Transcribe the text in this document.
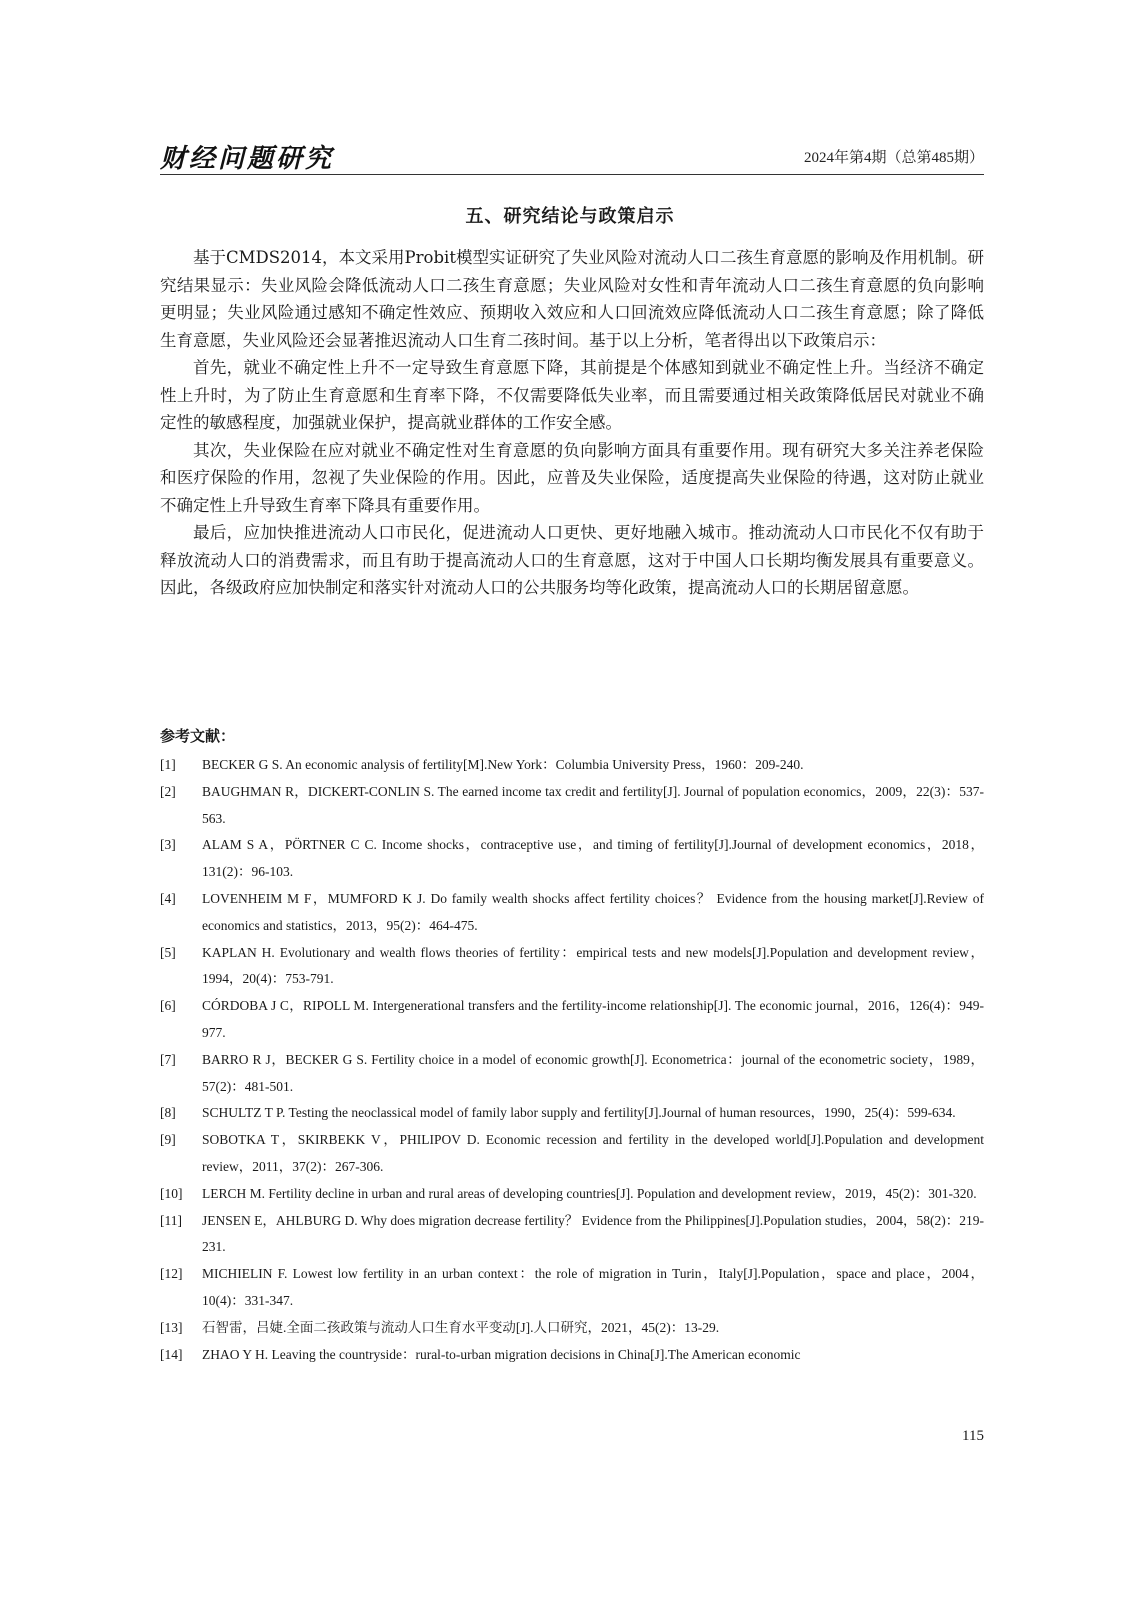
财经问题研究	2024年第4期（总第485期）
五、研究结论与政策启示

基于CMDS2014，本文采用Probit模型实证研究了失业风险对流动人口二孩生育意愿的影响及作用机制。研究结果显示：失业风险会降低流动人口二孩生育意愿；失业风险对女性和青年流动人口二孩生育意愿的负向影响更明显；失业风险通过感知不确定性效应、预期收入效应和人口回流效应降低流动人口二孩生育意愿；除了降低生育意愿，失业风险还会显著推迟流动人口生育二孩时间。基于以上分析，笔者得出以下政策启示：

首先，就业不确定性上升不一定导致生育意愿下降，其前提是个体感知到就业不确定性上升。当经济不确定性上升时，为了防止生育意愿和生育率下降，不仅需要降低失业率，而且需要通过相关政策降低居民对就业不确定性的敏感程度，加强就业保护，提高就业群体的工作安全感。

其次，失业保险在应对就业不确定性对生育意愿的负向影响方面具有重要作用。现有研究大多关注养老保险和医疗保险的作用，忽视了失业保险的作用。因此，应普及失业保险，适度提高失业保险的待遇，这对防止就业不确定性上升导致生育率下降具有重要作用。

最后，应加快推进流动人口市民化，促进流动人口更快、更好地融入城市。推动流动人口市民化不仅有助于释放流动人口的消费需求，而且有助于提高流动人口的生育意愿，这对于中国人口长期均衡发展具有重要意义。因此，各级政府应加快制定和落实针对流动人口的公共服务均等化政策，提高流动人口的长期居留意愿。

参考文献：
[1]	BECKER G S. An economic analysis of fertility[M].New York：Columbia University Press，1960：209-240.
[2]	BAUGHMAN R，DICKERT-CONLIN S. The earned income tax credit and fertility[J]. Journal of population economics，2009，22(3)：537-563.
[3]	ALAM S A，PÖRTNER C C. Income shocks，contraceptive use，and timing of fertility[J].Journal of development economics，2018，131(2)：96-103.
[4]	LOVENHEIM M F，MUMFORD K J. Do family wealth shocks affect fertility choices？ Evidence from the housing market[J].Review of economics and statistics，2013，95(2)：464-475.
[5]	KAPLAN H. Evolutionary and wealth flows theories of fertility：empirical tests and new models[J].Population and development review，1994，20(4)：753-791.
[6]	CÓRDOBA J C，RIPOLL M. Intergenerational transfers and the fertility-income relationship[J]. The economic journal，2016，126(4)：949-977.
[7]	BARRO R J，BECKER G S. Fertility choice in a model of economic growth[J]. Econometrica：journal of the econometric society，1989，57(2)：481-501.
[8]	SCHULTZ T P. Testing the neoclassical model of family labor supply and fertility[J].Journal of human resources，1990，25(4)：599-634.
[9]	SOBOTKA T，SKIRBEKK V，PHILIPOV D. Economic recession and fertility in the developed world[J].Population and development review，2011，37(2)：267-306.
[10]	LERCH M. Fertility decline in urban and rural areas of developing countries[J]. Population and development review，2019，45(2)：301-320.
[11]	JENSEN E，AHLBURG D. Why does migration decrease fertility？ Evidence from the Philippines[J].Population studies，2004，58(2)：219-231.
[12]	MICHIELIN F. Lowest low fertility in an urban context：the role of migration in Turin，Italy[J].Population，space and place，2004，10(4)：331-347.
[13]	石智雷，吕婕.全面二孩政策与流动人口生育水平变动[J].人口研究，2021，45(2)：13-29.
[14]	ZHAO Y H. Leaving the countryside：rural-to-urban migration decisions in China[J].The American economic
115
